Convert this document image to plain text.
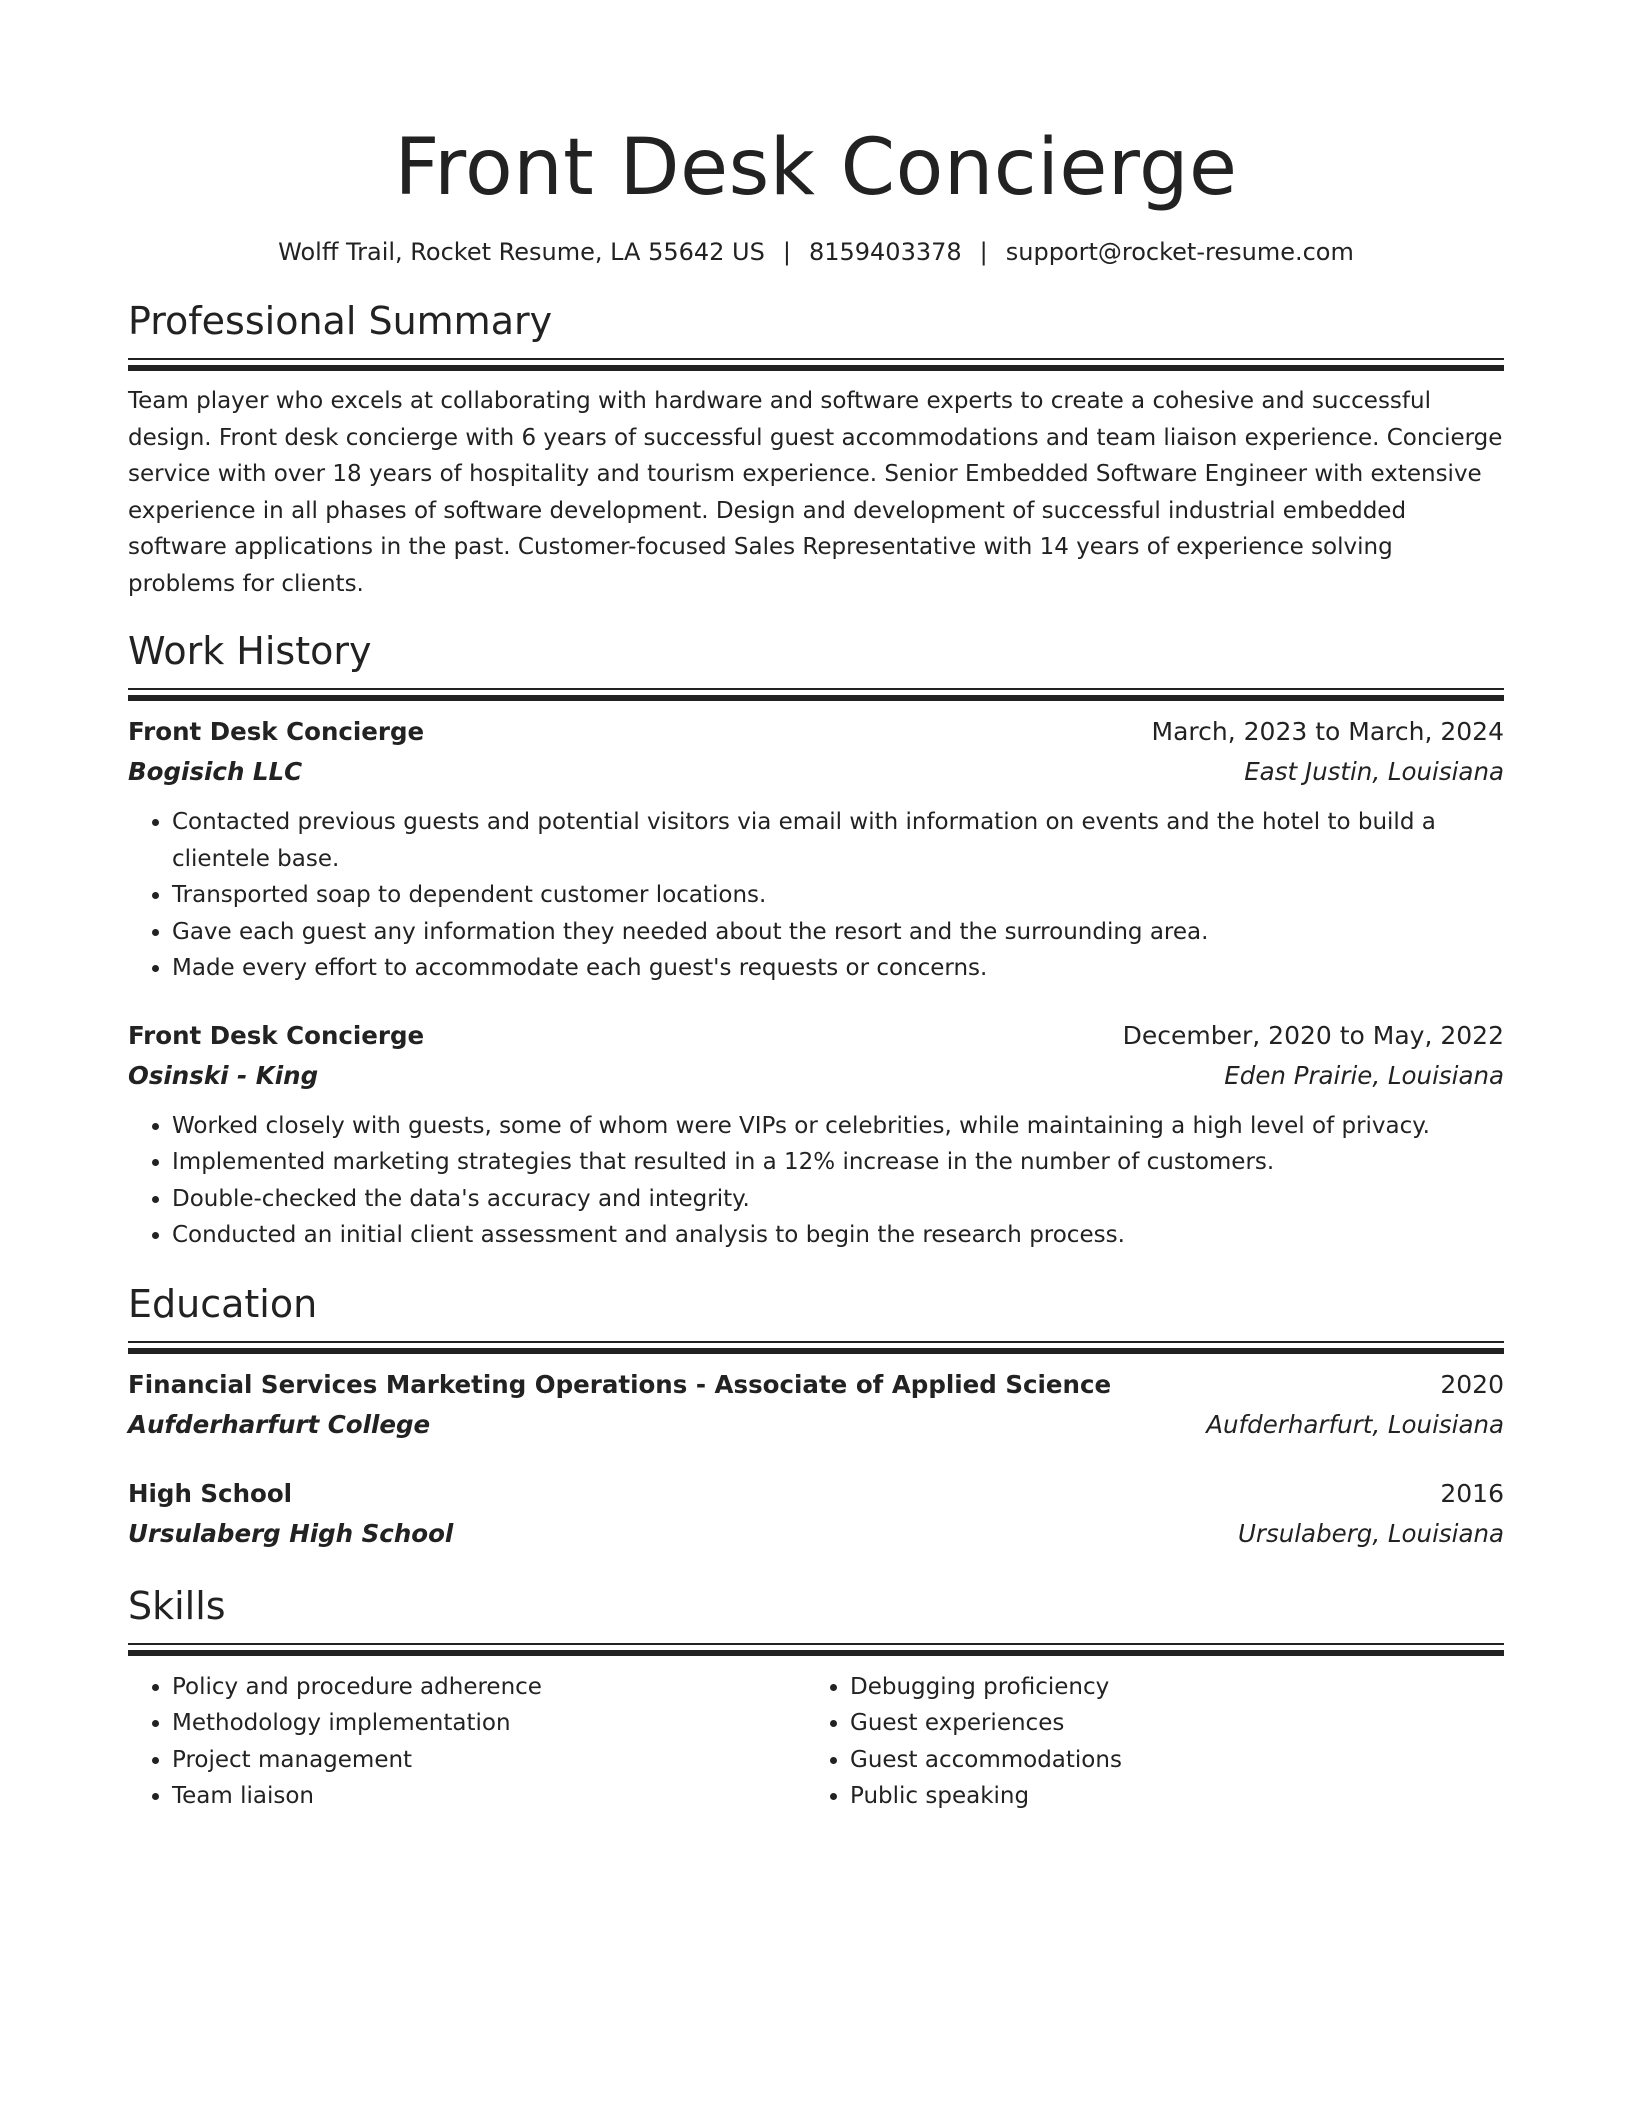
Front Desk Concierge
Wolff Trail, Rocket Resume, LA 55642 US | 8159403378 | support@rocket-resume.com
Professional Summary
Team player who excels at collaborating with hardware and software experts to create a cohesive and successful design. Front desk concierge with 6 years of successful guest accommodations and team liaison experience. Concierge service with over 18 years of hospitality and tourism experience. Senior Embedded Software Engineer with extensive experience in all phases of software development. Design and development of successful industrial embedded software applications in the past. Customer-focused Sales Representative with 14 years of experience solving problems for clients.
Work History
Front Desk Concierge	March, 2023 to March, 2024
Bogisich LLC	East Justin, Louisiana
• Contacted previous guests and potential visitors via email with information on events and the hotel to build a clientele base.
• Transported soap to dependent customer locations.
• Gave each guest any information they needed about the resort and the surrounding area.
• Made every effort to accommodate each guest's requests or concerns.
Front Desk Concierge	December, 2020 to May, 2022
Osinski - King	Eden Prairie, Louisiana
• Worked closely with guests, some of whom were VIPs or celebrities, while maintaining a high level of privacy.
• Implemented marketing strategies that resulted in a 12% increase in the number of customers.
• Double-checked the data's accuracy and integrity.
• Conducted an initial client assessment and analysis to begin the research process.
Education
Financial Services Marketing Operations - Associate of Applied Science	2020
Aufderharfurt College	Aufderharfurt, Louisiana
High School	2016
Ursulaberg High School	Ursulaberg, Louisiana
Skills
• Policy and procedure adherence
• Methodology implementation
• Project management
• Team liaison
• Debugging proficiency
• Guest experiences
• Guest accommodations
• Public speaking
